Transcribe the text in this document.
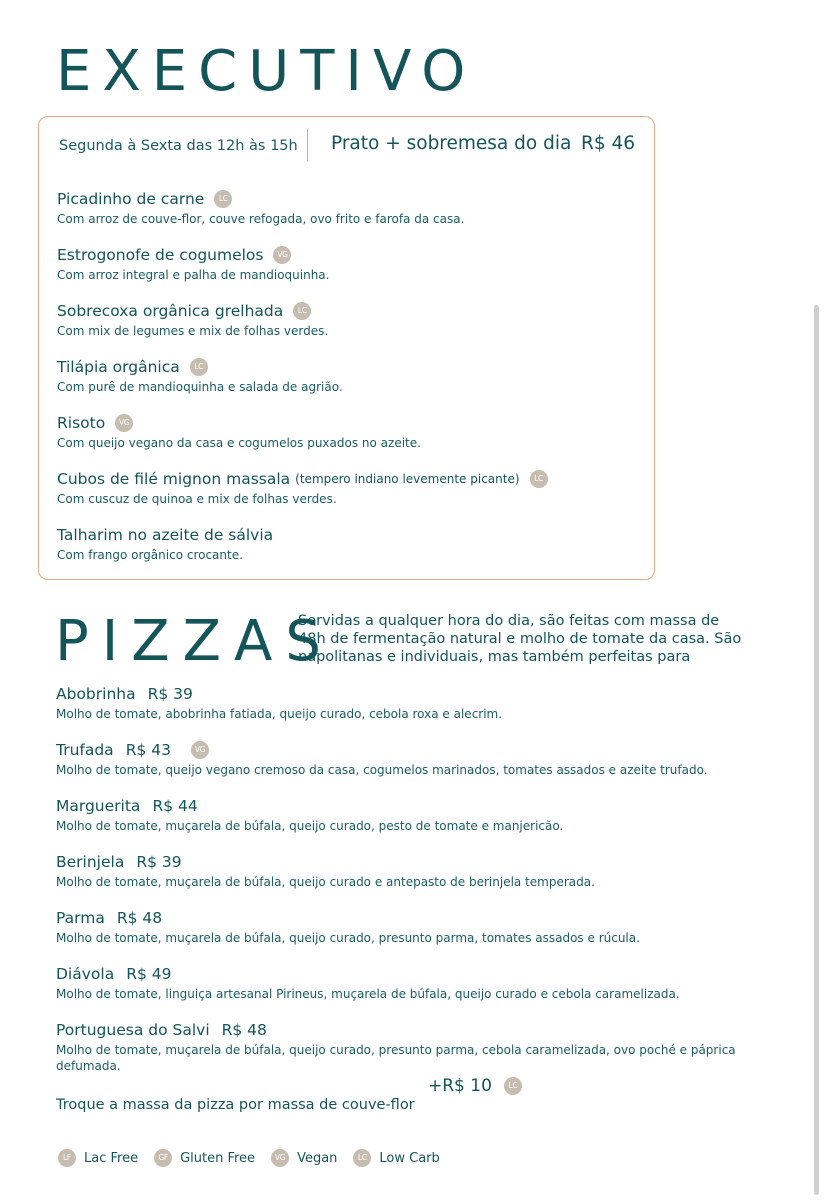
EXECUTIVO
Segunda à Sexta das 12h às 15h Prato + sobremesa do dia R$ 46
Picadinho de carne	LC
Com arroz de couve-flor, couve refogada, ovo frito e farofa da casa.
Estrogonofe de cogumelos	VG
Com arroz integral e palha de mandioquinha.
Sobrecoxa orgânica grelhada	LC
Com mix de legumes e mix de folhas verdes.
Tilápia orgânica	LC
Com purê de mandioquinha e salada de agrião.
Risoto	VG
Com queijo vegano da casa e cogumelos puxados no azeite.
Cubos de filé mignon massala (tempero indiano levemente picante)	LC
Com cuscuz de quinoa e mix de folhas verdes.
Talharim no azeite de sálvia
Com frango orgânico crocante.
PIZZAS

Servidas a qualquer hora do dia, são feitas com massa de 48h de fermentação natural e molho de tomate da casa. São napolitanas e individuais, mas também perfeitas para

Abobrinha R$ 39
Molho de tomate, abobrinha fatiada, queijo curado, cebola roxa e alecrim.
Trufada R$ 43	VG
Molho de tomate, queijo vegano cremoso da casa, cogumelos marinados, tomates assados e azeite trufado.
Marguerita R$ 44
Molho de tomate, muçarela de búfala, queijo curado, pesto de tomate e manjericão.
Berinjela R$ 39
Molho de tomate, muçarela de búfala, queijo curado e antepasto de berinjela temperada.
Parma R$ 48
Molho de tomate, muçarela de búfala, queijo curado, presunto parma, tomates assados e rúcula.
Diávola R$ 49
Molho de tomate, linguiça artesanal Pirineus, muçarela de búfala, queijo curado e cebola caramelizada.
Portuguesa do Salvi R$ 48
Molho de tomate, muçarela de búfala, queijo curado, presunto parma, cebola caramelizada, ovo poché e páprica defumada.
+R$ 10	LC
Troque a massa da pizza por massa de couve-flor
LF	Lac Free	GF Gluten Free	VG Vegan	LC Low Carb
